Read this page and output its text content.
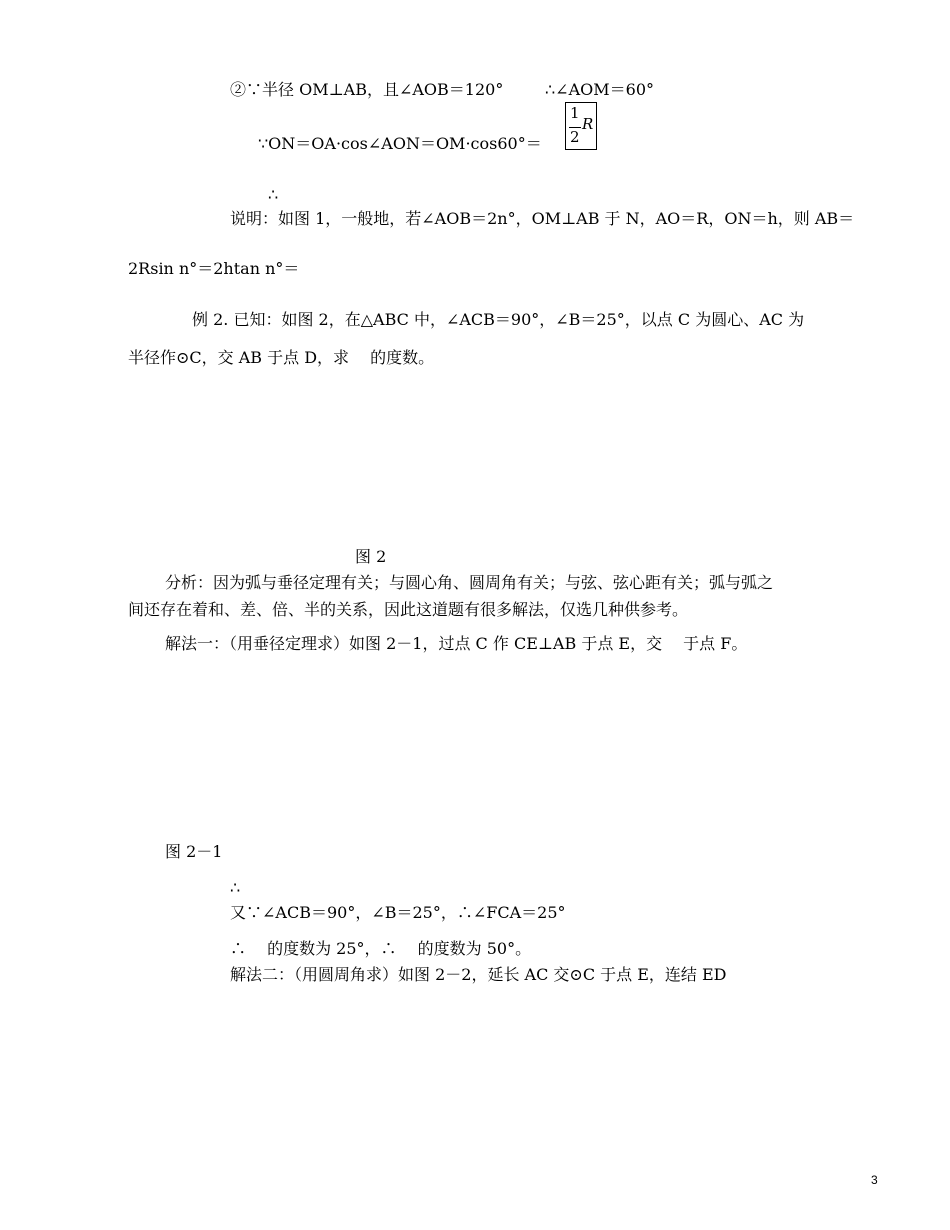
②∵半径 OM⊥AB，且∠AOB＝120°	∴∠AOM＝60°
∵ON＝OA·cos∠AON＝OM·cos60°＝
1
2
R
∴
说明：如图 1，一般地，若∠AOB＝2n°，OM⊥AB 于 N，AO＝R，ON＝h，则 AB＝
2Rsin n°＝2htan n°＝
例 2. 已知：如图 2，在△ABC 中，∠ACB＝90°，∠B＝25°，以点 C 为圆心、AC 为
半径作⊙C，交 AB 于点 D，求　 的度数。
图 2
分析：因为弧与垂径定理有关；与圆心角、圆周角有关；与弦、弦心距有关；弧与弧之
间还存在着和、差、倍、半的关系，因此这道题有很多解法，仅选几种供参考。
解法一：（用垂径定理求）如图 2－1，过点 C 作 CE⊥AB 于点 E，交　 于点 F。
图 2－1
∴
又∵∠ACB＝90°，∠B＝25°，∴∠FCA＝25°
∴　 的度数为 25°，∴　 的度数为 50°。
解法二：（用圆周角求）如图 2－2，延长 AC 交⊙C 于点 E，连结 ED
3
